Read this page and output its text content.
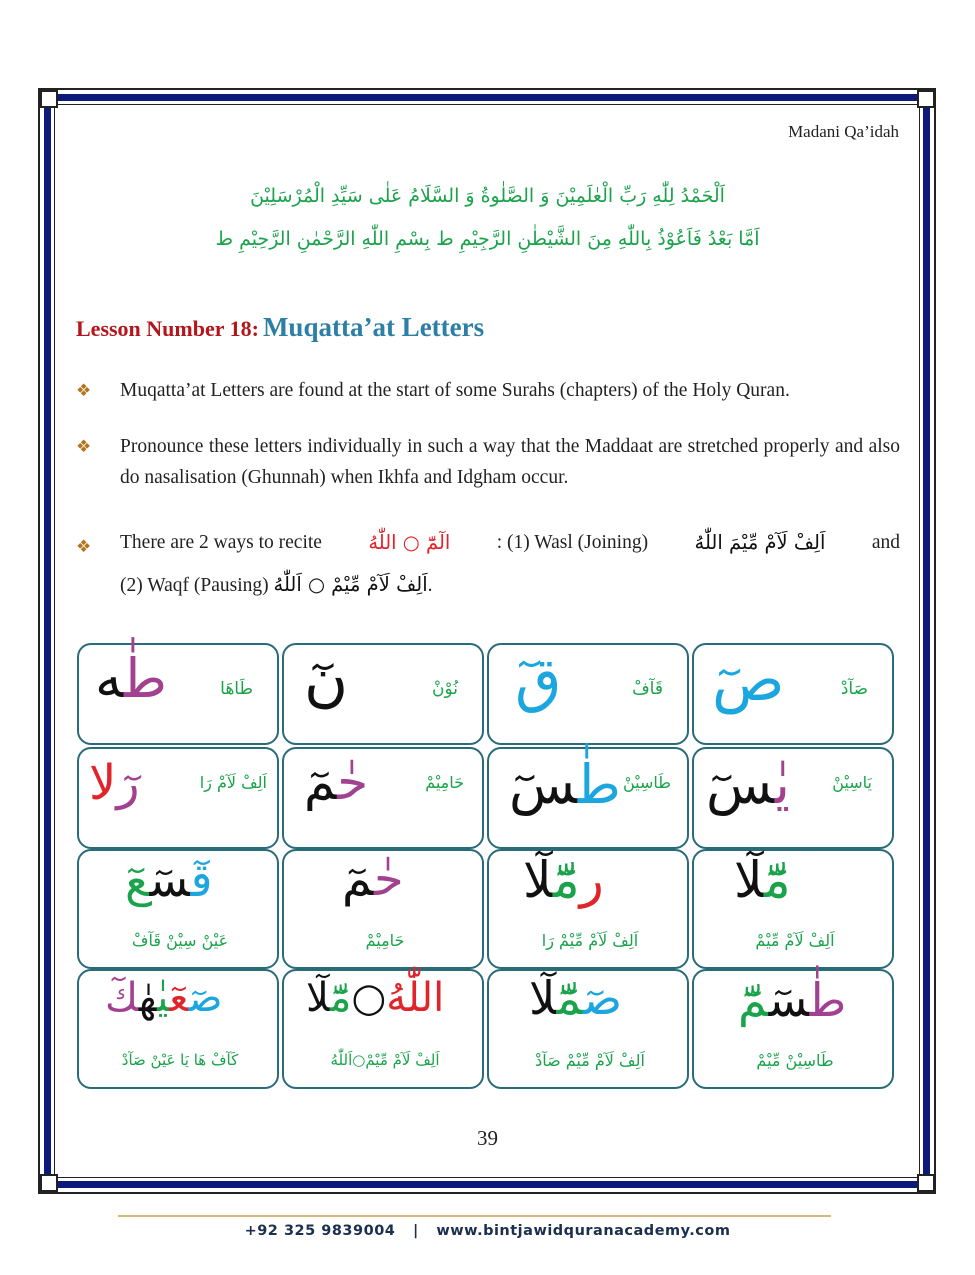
Madani Qa’idah
اَلْحَمْدُ لِلّٰهِ رَبِّ الْعٰلَمِیْنَ وَ الصَّلٰوةُ وَ السَّلَامُ عَلٰی سَیِّدِ الْمُرْسَلِیْنَ
اَمَّا بَعْدُ فَاَعُوْذُ بِاللّٰهِ مِنَ الشَّیْطٰنِ الرَّجِیْمِ ط بِسْمِ اللّٰهِ الرَّحْمٰنِ الرَّحِیْمِ ط
Lesson Number 18: Muqatta’at Letters
❖ Muqatta’at Letters are found at the start of some Surahs (chapters) of the Holy Quran.
❖ Pronounce these letters individually in such a way that the Maddaat are stretched properly and also do nasalisation (Ghunnah) when Ikhfa and Idgham occur.
❖ There are 2 ways to recite الٓمّٓ ○ اللّٰهُ : (1) Wasl (Joining) اَلِفْ لَآمْ مِّیْمَ اللّٰهُ and
(2) Waqf (Pausing) اَلِفْ لَآمْ مِّیْمْ ○ اَللّٰهُ.
صٓ	صَآدْ
قٓ	قَآفْ
نٓ	نُوْنْ
طٰه	طَاهَا
یٰسٓ	یَاسِیْنْ
طٰسٓ	طَاسِیْنْ
حٰمٓ	حَامِیْمْ
رل	اَلِفْ لَآمْ رَا
مّٓلٓ
اَلِفْ لَآمْ مِّیْمْ
رمّٓلٓ
اَلِفْ لَآمْ مِّیْمْ رَا
حٰمٓ
حَامِیْمْ
قٓسٓعٓ
عَیْنْ سِیْنْ قَآفْ
طٰسٓمّٓ
طَاسِیْنْ مِّیْمْ
صٓمّٓلٓ
اَلِفْ لَآمْ مِّیْمْ صَآدْ
اللّٰهُ○مّٓلٓ
اَلِفْ لَآمْ مِّیْمْ○اَللّٰهُ
صٓعٓیٰهٰكٓ
كَآفْ هَا یَا عَیْنْ صَآدْ
39
+92 325 9839004 | www.bintjawidquranacademy.com
